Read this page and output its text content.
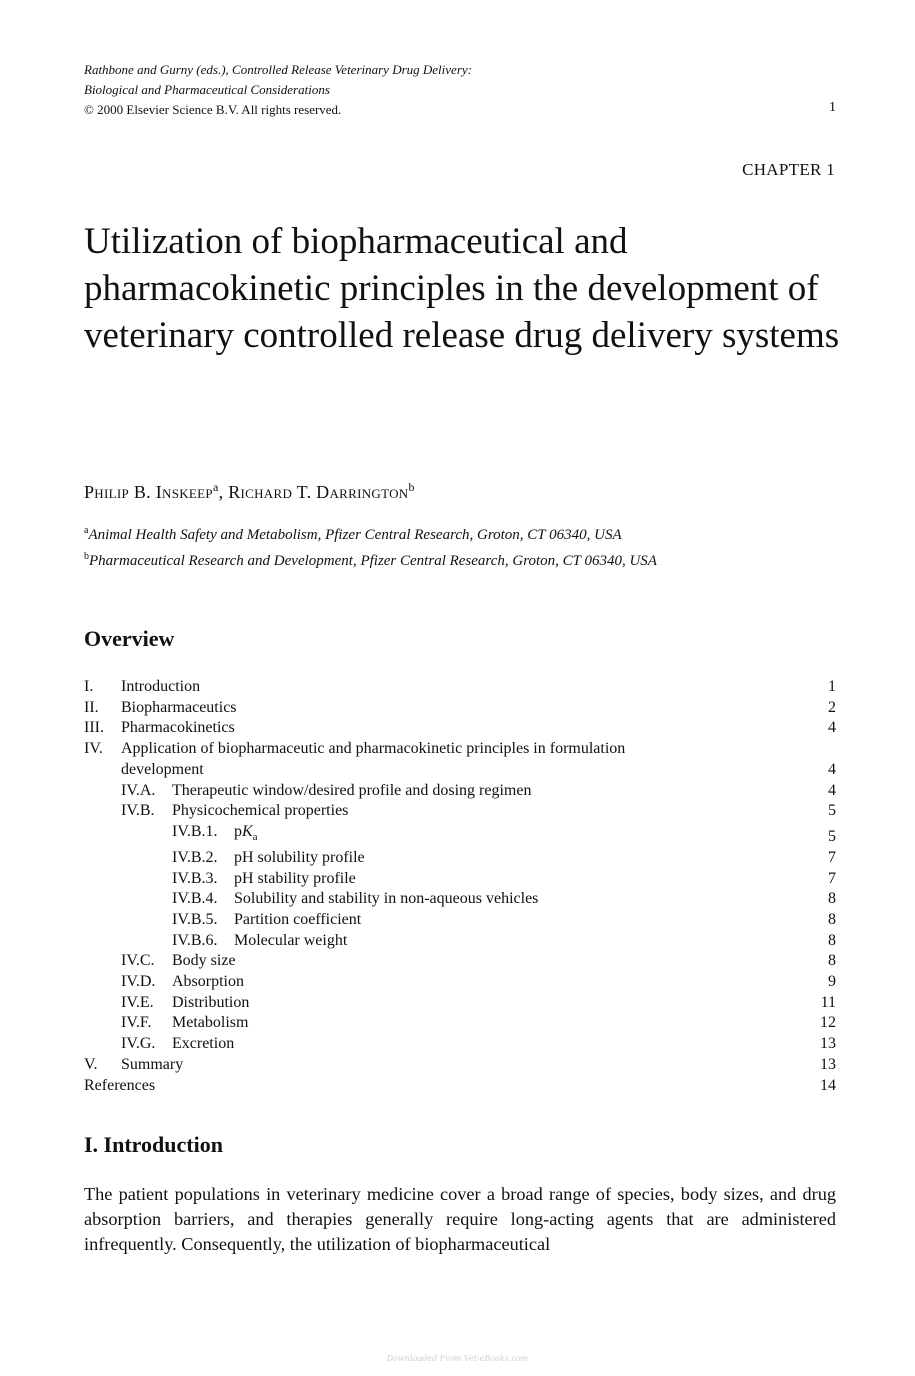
Rathbone and Gurny (eds.), Controlled Release Veterinary Drug Delivery:
Biological and Pharmaceutical Considerations
© 2000 Elsevier Science B.V. All rights reserved.	1
CHAPTER 1
Utilization of biopharmaceutical and pharmacokinetic principles in the development of veterinary controlled release drug delivery systems
Philip B. Inskeep$^a$, Richard T. Darrington$^b$
$^a$Animal Health Safety and Metabolism, Pfizer Central Research, Groton, CT 06340, USA
$^b$Pharmaceutical Research and Development, Pfizer Central Research, Groton, CT 06340, USA
Overview
I.	Introduction	1
II.	Biopharmaceutics	2
III.	Pharmacokinetics	4
IV.	Application of biopharmaceutic and pharmacokinetic principles in formulation
development	4
IV.A.	Therapeutic window/desired profile and dosing regimen	4
IV.B.	Physicochemical properties	5
IV.B.1.	$pK_a$	5
IV.B.2.	pH solubility profile	7
IV.B.3.	pH stability profile	7
IV.B.4.	Solubility and stability in non-aqueous vehicles	8
IV.B.5.	Partition coefficient	8
IV.B.6.	Molecular weight	8
IV.C.	Body size	8
IV.D.	Absorption	9
IV.E.	Distribution	11
IV.F.	Metabolism	12
IV.G.	Excretion	13
V.	Summary	13
References	14
I. Introduction

The patient populations in veterinary medicine cover a broad range of species, body sizes, and drug absorption barriers, and therapies generally require long-acting agents that are administered infrequently. Consequently, the utilization of biopharmaceutical

Downloaded From Vet-eBooks.com
